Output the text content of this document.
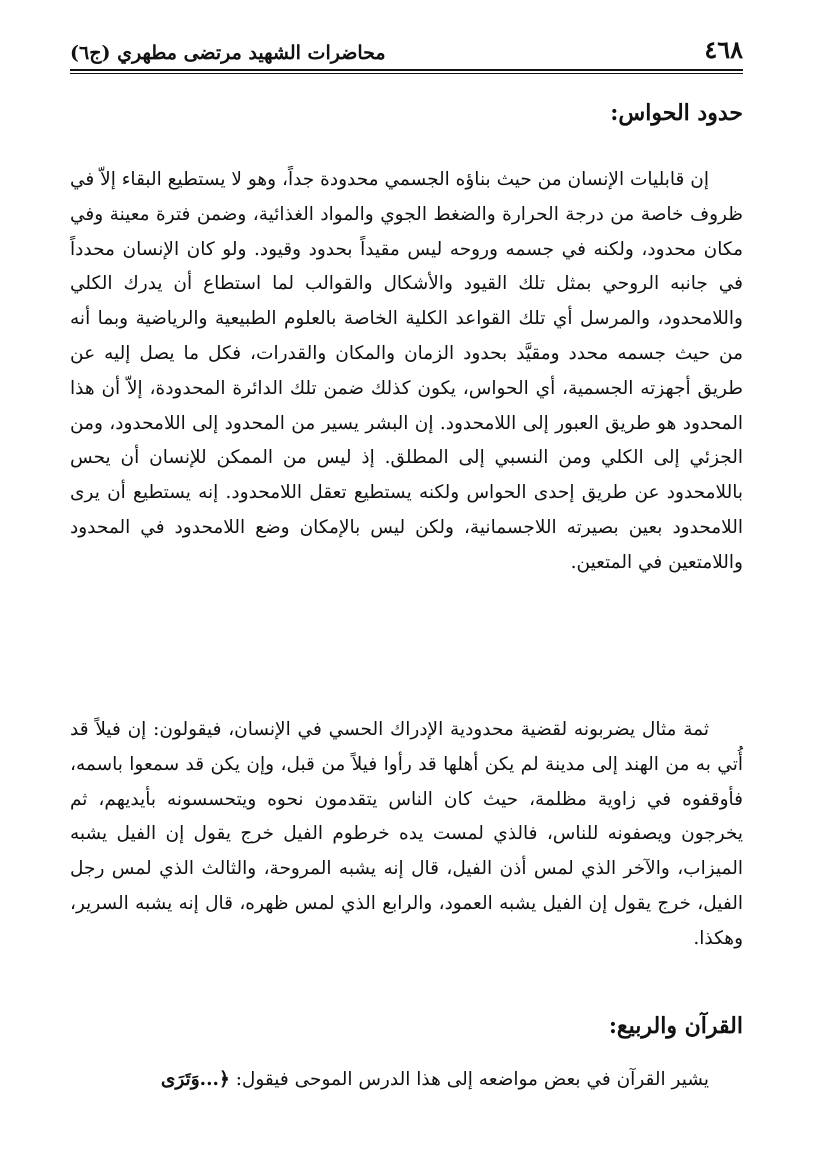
٤٦٨
محاضرات الشهيد مرتضى مطهري (ج٦)
حدود الحواس:

إن قابليات الإنسان من حيث بناؤه الجسمي محدودة جداً، وهو لا يستطيع البقاء إلاّ في ظروف خاصة من درجة الحرارة والضغط الجوي والمواد الغذائية، وضمن فترة معينة وفي مكان محدود، ولكنه في جسمه وروحه ليس مقيداً بحدود وقيود. ولو كان الإنسان محدداً في جانبه الروحي بمثل تلك القيود والأشكال والقوالب لما استطاع أن يدرك الكلي واللامحدود، والمرسل أي تلك القواعد الكلية الخاصة بالعلوم الطبيعية والرياضية وبما أنه من حيث جسمه محدد ومقيَّد بحدود الزمان والمكان والقدرات، فكل ما يصل إليه عن طريق أجهزته الجسمية، أي الحواس، يكون كذلك ضمن تلك الدائرة المحدودة، إلاّ أن هذا المحدود هو طريق العبور إلى اللامحدود. إن البشر يسير من المحدود إلى اللامحدود، ومن الجزئي إلى الكلي ومن النسبي إلى المطلق. إذ ليس من الممكن للإنسان أن يحس باللامحدود عن طريق إحدى الحواس ولكنه يستطيع تعقل اللامحدود. إنه يستطيع أن يرى اللامحدود بعين بصيرته اللاجسمانية، ولكن ليس بالإمكان وضع اللامحدود في المحدود واللامتعين في المتعين.

ثمة مثال يضربونه لقضية محدودية الإدراك الحسي في الإنسان، فيقولون: إن فيلاً قد أُتي به من الهند إلى مدينة لم يكن أهلها قد رأوا فيلاً من قبل، وإن يكن قد سمعوا باسمه، فأوقفوه في زاوية مظلمة، حيث كان الناس يتقدمون نحوه ويتحسسونه بأيديهم، ثم يخرجون ويصفونه للناس، فالذي لمست يده خرطوم الفيل خرج يقول إن الفيل يشبه الميزاب، والآخر الذي لمس أذن الفيل، قال إنه يشبه المروحة، والثالث الذي لمس رجل الفيل، خرج يقول إن الفيل يشبه العمود، والرابع الذي لمس ظهره، قال إنه يشبه السرير، وهكذا.

القرآن والربيع:

يشير القرآن في بعض مواضعه إلى هذا الدرس الموحى فيقول: ﴿...وَتَرَى
